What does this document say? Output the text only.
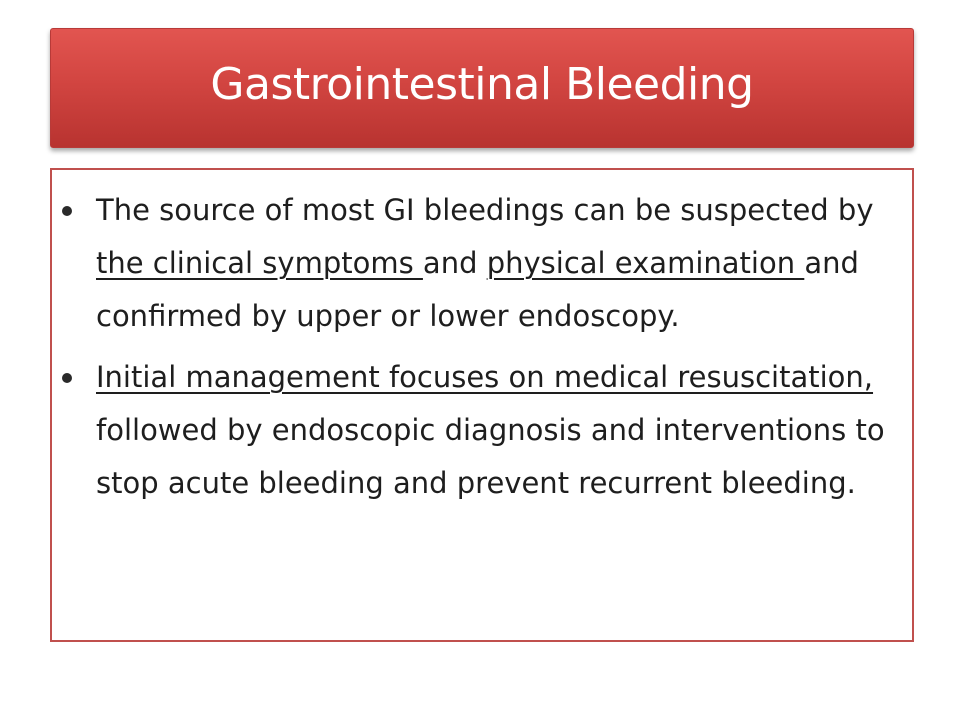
Gastrointestinal Bleeding
The source of most GI bleedings can be suspected by the clinical symptoms and physical examination and confirmed by upper or lower endoscopy.
Initial management focuses on medical resuscitation, followed by endoscopic diagnosis and interventions to stop acute bleeding and prevent recurrent bleeding.
